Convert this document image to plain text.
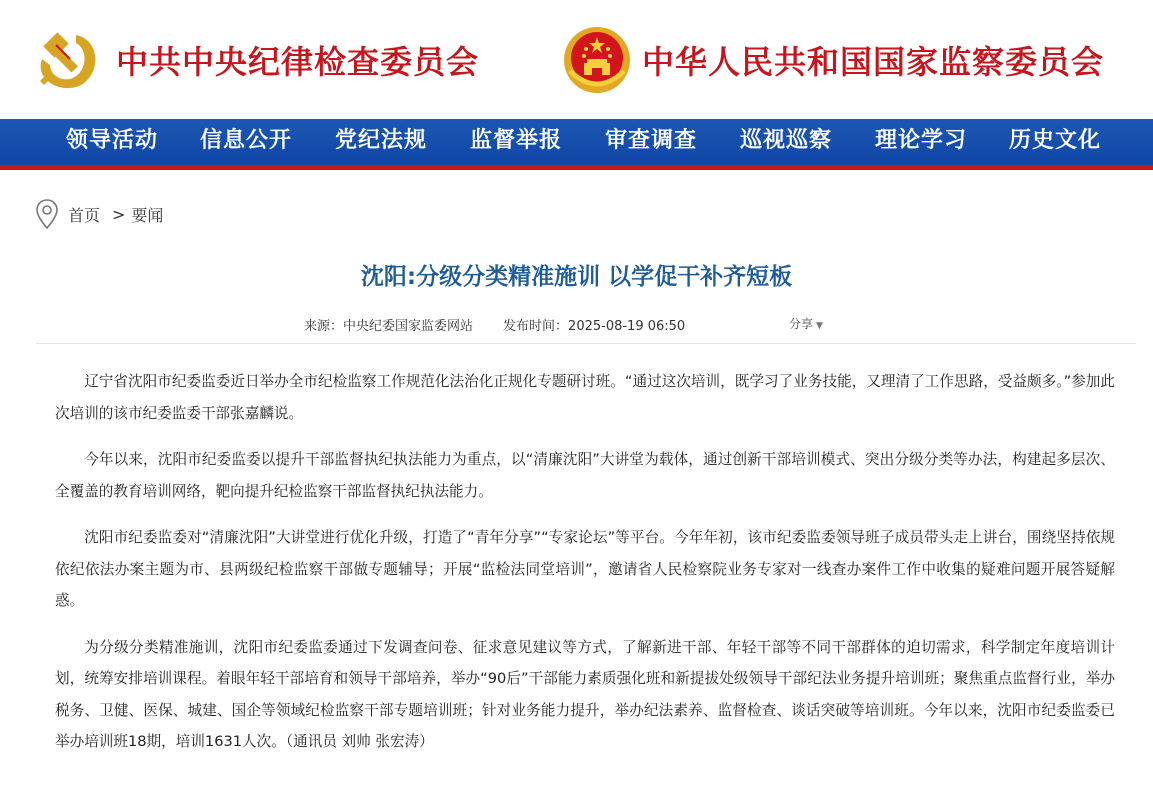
中共中央纪律检查委员会	中华人民共和国国家监察委员会
领导活动 信息公开 党纪法规 监督举报 审查调查 巡视巡察 理论学习 历史文化
首页 > 要闻
沈阳:分级分类精准施训 以学促干补齐短板
来源：中央纪委国家监委网站 发布时间：2025-08-19 06:50	分享 ▼

辽宁省沈阳市纪委监委近日举办全市纪检监察工作规范化法治化正规化专题研讨班。“通过这次培训，既学习了业务技能，又理清了工作思路，受益颇多。”参加此次培训的该市纪委监委干部张嘉麟说。

今年以来，沈阳市纪委监委以提升干部监督执纪执法能力为重点，以“清廉沈阳”大讲堂为载体，通过创新干部培训模式、突出分级分类等办法，构建起多层次、全覆盖的教育培训网络，靶向提升纪检监察干部监督执纪执法能力。

沈阳市纪委监委对“清廉沈阳”大讲堂进行优化升级，打造了“青年分享”“专家论坛”等平台。今年年初，该市纪委监委领导班子成员带头走上讲台，围绕坚持依规依纪依法办案主题为市、县两级纪检监察干部做专题辅导；开展“监检法同堂培训”，邀请省人民检察院业务专家对一线查办案件工作中收集的疑难问题开展答疑解惑。

为分级分类精准施训，沈阳市纪委监委通过下发调查问卷、征求意见建议等方式，了解新进干部、年轻干部等不同干部群体的迫切需求，科学制定年度培训计划，统筹安排培训课程。着眼年轻干部培育和领导干部培养，举办“90后”干部能力素质强化班和新提拔处级领导干部纪法业务提升培训班；聚焦重点监督行业，举办税务、卫健、医保、城建、国企等领域纪检监察干部专题培训班；针对业务能力提升，举办纪法素养、监督检查、谈话突破等培训班。今年以来，沈阳市纪委监委已举办培训班18期，培训1631人次。（通讯员 刘帅 张宏涛）
